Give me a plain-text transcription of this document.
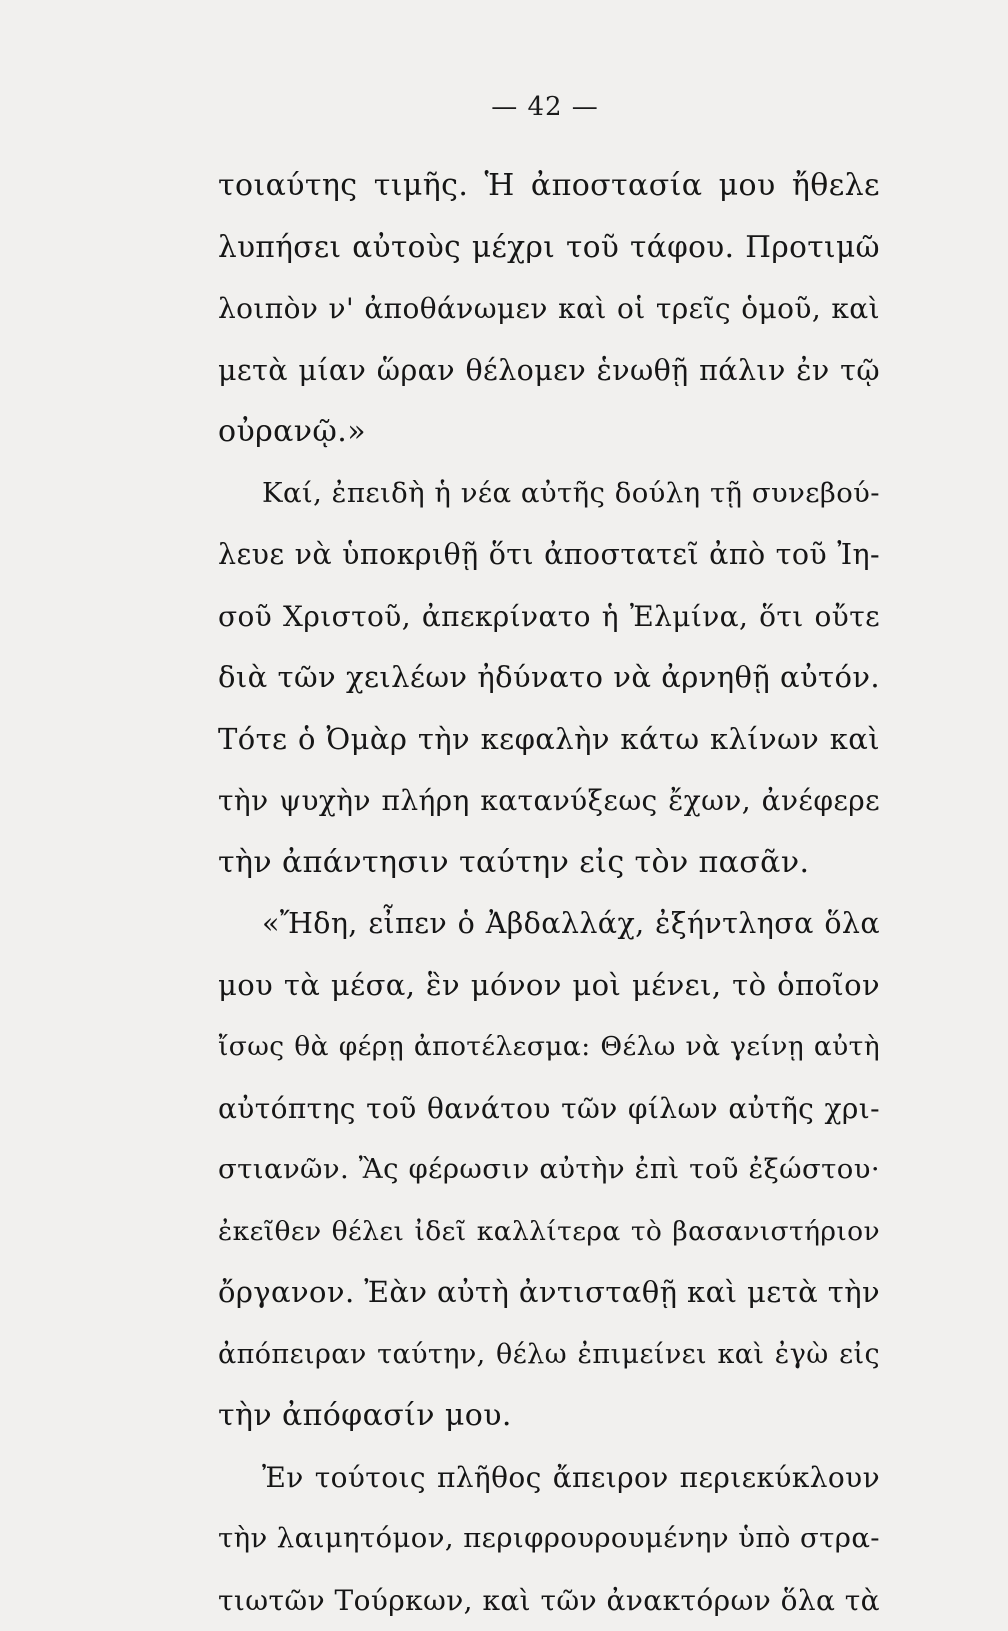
— 42 —
τοιαύτης τιμῆς. Ἡ ἀποστασία μου ἤθελε
λυπήσει αὐτοὺς μέχρι τοῦ τάφου. Προτιμῶ
λοιπὸν ν' ἀποθάνωμεν καὶ οἱ τρεῖς ὁμοῦ, καὶ
μετὰ μίαν ὥραν θέλομεν ἑνωθῇ πάλιν ἐν τῷ
οὐρανῷ.»
Καί, ἐπειδὴ ἡ νέα αὐτῆς δούλη τῇ συνεβού-
λευε νὰ ὑποκριθῇ ὅτι ἀποστατεῖ ἀπὸ τοῦ Ἰη-
σοῦ Χριστοῦ, ἀπεκρίνατο ἡ Ἐλμίνα, ὅτι οὔτε
διὰ τῶν χειλέων ἠδύνατο νὰ ἀρνηθῇ αὐτόν.
Τότε ὁ Ὀμὰρ τὴν κεφαλὴν κάτω κλίνων καὶ
τὴν ψυχὴν πλήρη κατανύξεως ἔχων, ἀνέφερε
τὴν ἀπάντησιν ταύτην εἰς τὸν πασᾶν.
«Ἤδη, εἶπεν ὁ Ἀβδαλλάχ, ἐξήντλησα ὅλα
μου τὰ μέσα, ἓν μόνον μοὶ μένει, τὸ ὁποῖον
ἴσως θὰ φέρῃ ἀποτέλεσμα: Θέλω νὰ γείνῃ αὐτὴ
αὐτόπτης τοῦ θανάτου τῶν φίλων αὐτῆς χρι-
στιανῶν. Ἂς φέρωσιν αὐτὴν ἐπὶ τοῦ ἐξώστου·
ἐκεῖθεν θέλει ἰδεῖ καλλίτερα τὸ βασανιστήριον
ὄργανον. Ἐὰν αὐτὴ ἀντισταθῇ καὶ μετὰ τὴν
ἀπόπειραν ταύτην, θέλω ἐπιμείνει καὶ ἐγὼ εἰς
τὴν ἀπόφασίν μου.
Ἐν τούτοις πλῆθος ἄπειρον περιεκύκλουν
τὴν λαιμητόμον, περιφρουρουμένην ὑπὸ στρα-
τιωτῶν Τούρκων, καὶ τῶν ἀνακτόρων ὅλα τὰ
